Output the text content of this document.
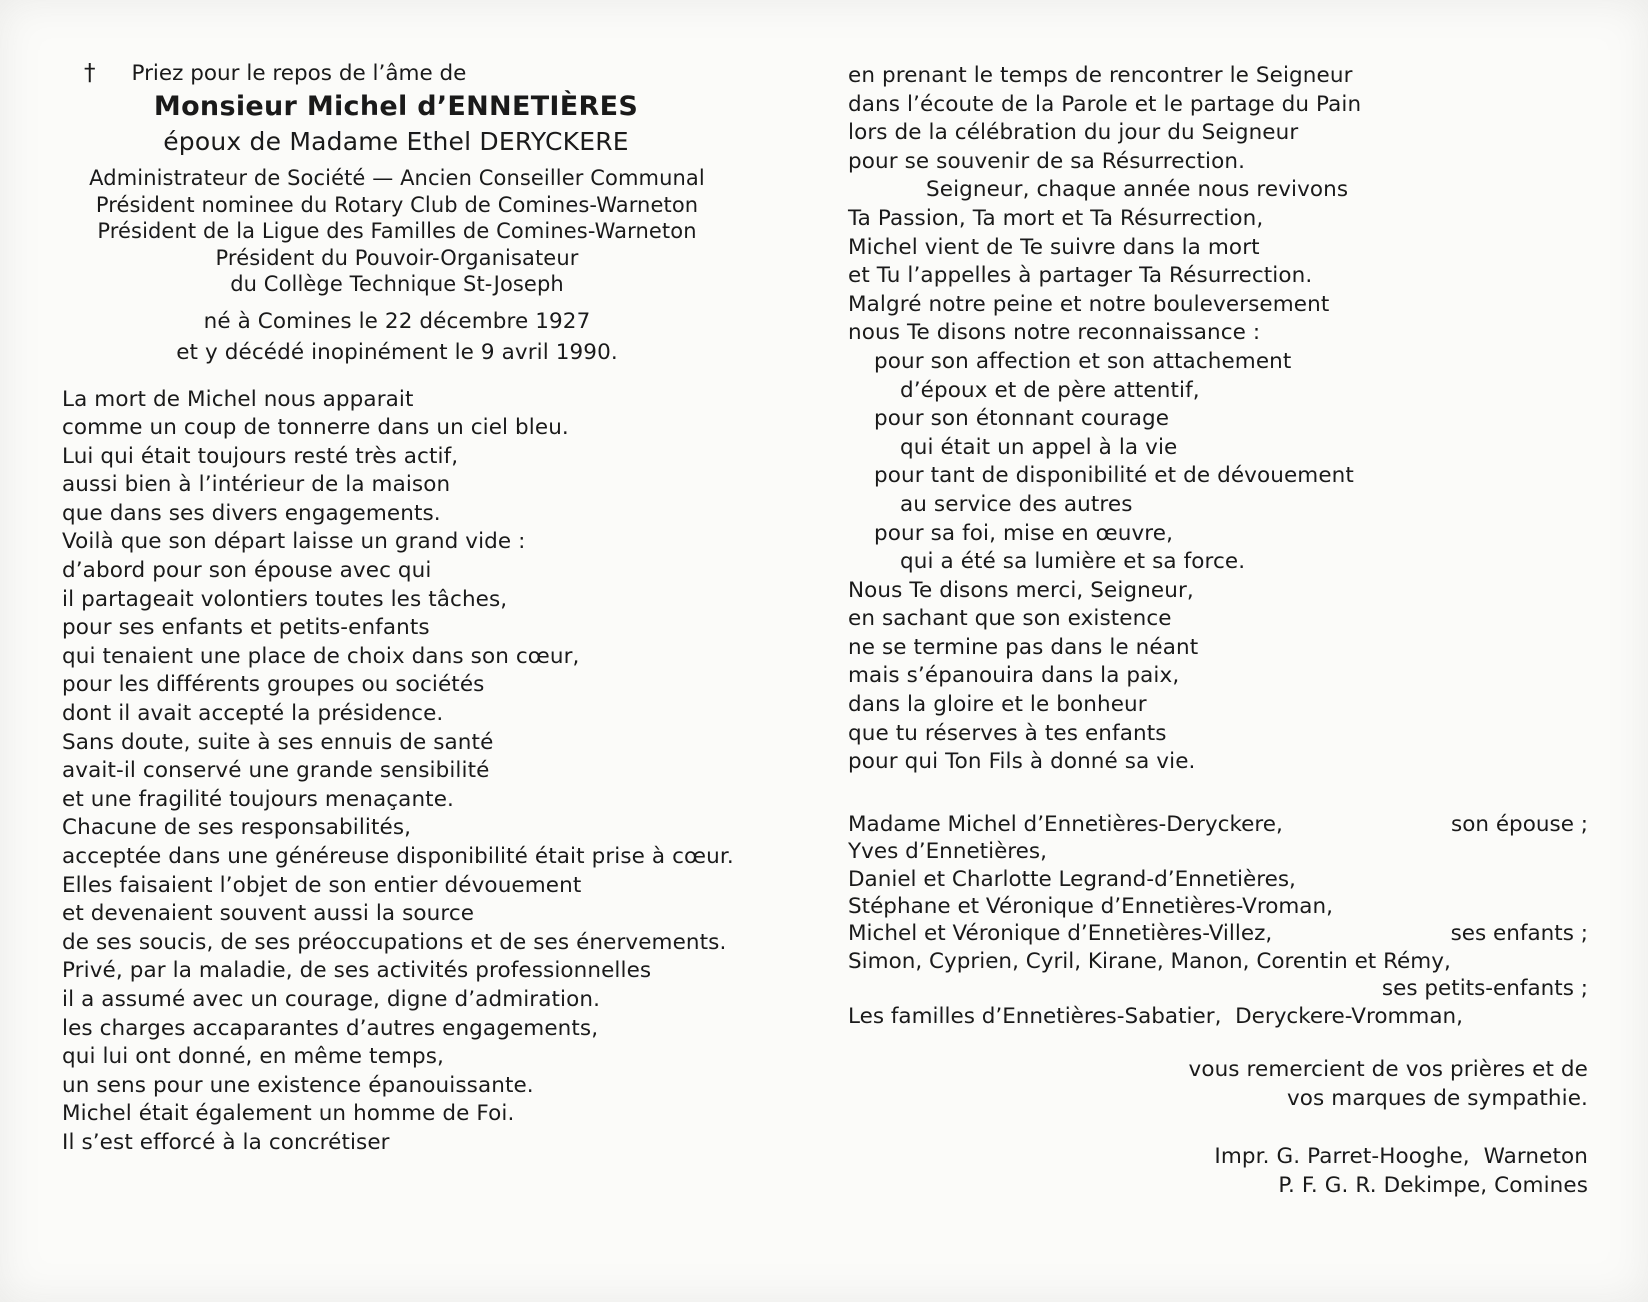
† Priez pour le repos de l’âme de
Monsieur Michel d’ENNETIÈRES
époux de Madame Ethel DERYCKERE
Administrateur de Société — Ancien Conseiller Communal
Président nominee du Rotary Club de Comines-Warneton
Président de la Ligue des Familles de Comines-Warneton
Président du Pouvoir-Organisateur
du Collège Technique St-Joseph
né à Comines le 22 décembre 1927
et y décédé inopinément le 9 avril 1990.
La mort de Michel nous apparait
comme un coup de tonnerre dans un ciel bleu.
Lui qui était toujours resté très actif,
aussi bien à l’intérieur de la maison
que dans ses divers engagements.
Voilà que son départ laisse un grand vide :
d’abord pour son épouse avec qui
il partageait volontiers toutes les tâches,
pour ses enfants et petits-enfants
qui tenaient une place de choix dans son cœur,
pour les différents groupes ou sociétés
dont il avait accepté la présidence.
Sans doute, suite à ses ennuis de santé
avait-il conservé une grande sensibilité
et une fragilité toujours menaçante.
Chacune de ses responsabilités,
acceptée dans une généreuse disponibilité était prise à cœur.
Elles faisaient l’objet de son entier dévouement
et devenaient souvent aussi la source
de ses soucis, de ses préoccupations et de ses énervements.
Privé, par la maladie, de ses activités professionnelles
il a assumé avec un courage, digne d’admiration.
les charges accaparantes d’autres engagements,
qui lui ont donné, en même temps,
un sens pour une existence épanouissante.
Michel était également un homme de Foi.
Il s’est efforcé à la concrétiser
en prenant le temps de rencontrer le Seigneur
dans l’écoute de la Parole et le partage du Pain
lors de la célébration du jour du Seigneur
pour se souvenir de sa Résurrection.
Seigneur, chaque année nous revivons
Ta Passion, Ta mort et Ta Résurrection,
Michel vient de Te suivre dans la mort
et Tu l’appelles à partager Ta Résurrection.
Malgré notre peine et notre bouleversement
nous Te disons notre reconnaissance :
pour son affection et son attachement
d’époux et de père attentif,
pour son étonnant courage
qui était un appel à la vie
pour tant de disponibilité et de dévouement
au service des autres
pour sa foi, mise en œuvre,
qui a été sa lumière et sa force.
Nous Te disons merci, Seigneur,
en sachant que son existence
ne se termine pas dans le néant
mais s’épanouira dans la paix,
dans la gloire et le bonheur
que tu réserves à tes enfants
pour qui Ton Fils à donné sa vie.
Madame Michel d’Ennetières-Deryckere,	son épouse ;
Yves d’Ennetières,
Daniel et Charlotte Legrand-d’Ennetières,
Stéphane et Véronique d’Ennetières-Vroman,
Michel et Véronique d’Ennetières-Villez,	ses enfants ;
Simon, Cyprien, Cyril, Kirane, Manon, Corentin et Rémy,
ses petits-enfants ;
Les familles d’Ennetières-Sabatier,  Deryckere-Vromman,
vous remercient de vos prières et de
vos marques de sympathie.
Impr. G. Parret-Hooghe,  Warneton
P. F. G. R. Dekimpe, Comines
